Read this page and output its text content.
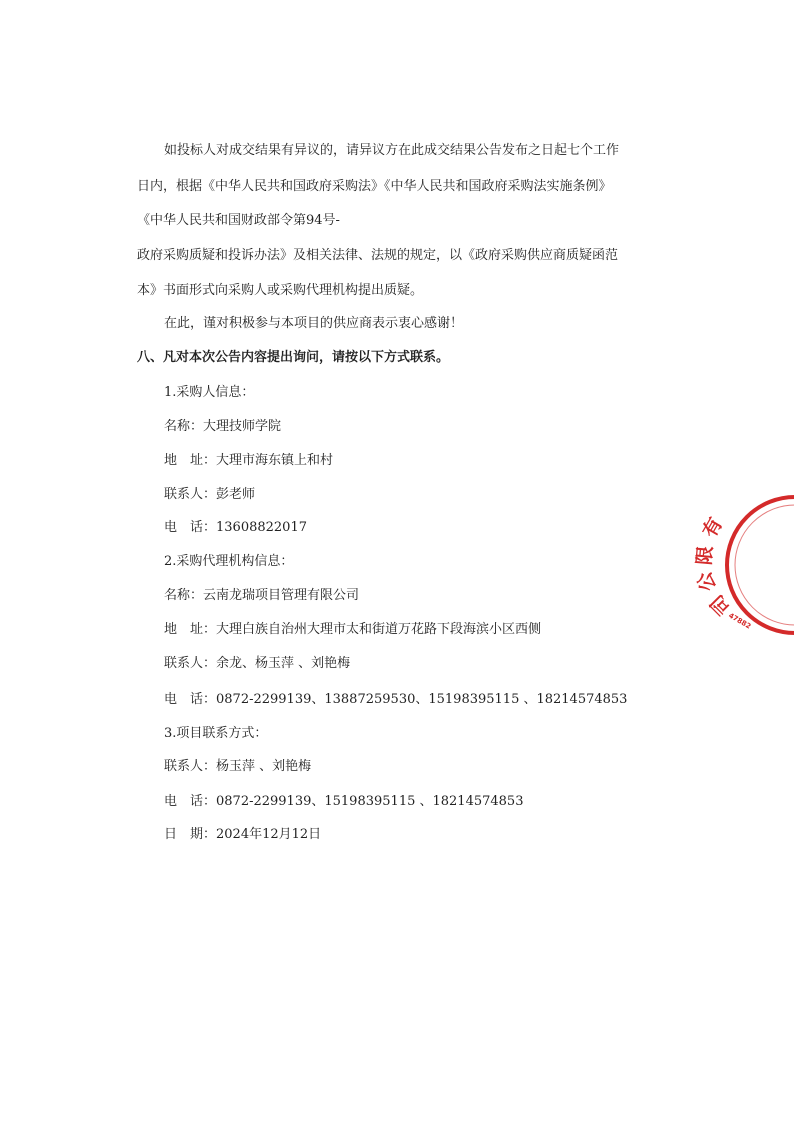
如投标人对成交结果有异议的，请异议方在此成交结果公告发布之日起七个工作
日内，根据《中华人民共和国政府采购法》《中华人民共和国政府采购法实施条例》
《中华人民共和国财政部令第94号-
政府采购质疑和投诉办法》及相关法律、法规的规定，以《政府采购供应商质疑函范
本》书面形式向采购人或采购代理机构提出质疑。
在此，谨对积极参与本项目的供应商表示衷心感谢！
八、凡对本次公告内容提出询问，请按以下方式联系。
1.采购人信息：
名称：大理技师学院
地　址：大理市海东镇上和村
联系人：彭老师
电　话：13608822017
2.采购代理机构信息：
名称：云南龙瑞项目管理有限公司
地　址：大理白族自治州大理市太和街道万花路下段海滨小区西侧
联系人：余龙、杨玉萍 、刘艳梅
电　话：0872-2299139、13887259530、15198395115 、18214574853
3.项目联系方式：
联系人：杨玉萍 、刘艳梅
电　话：0872-2299139、15198395115 、18214574853
日　期：2024年12月12日
有
限
公
司
47882
